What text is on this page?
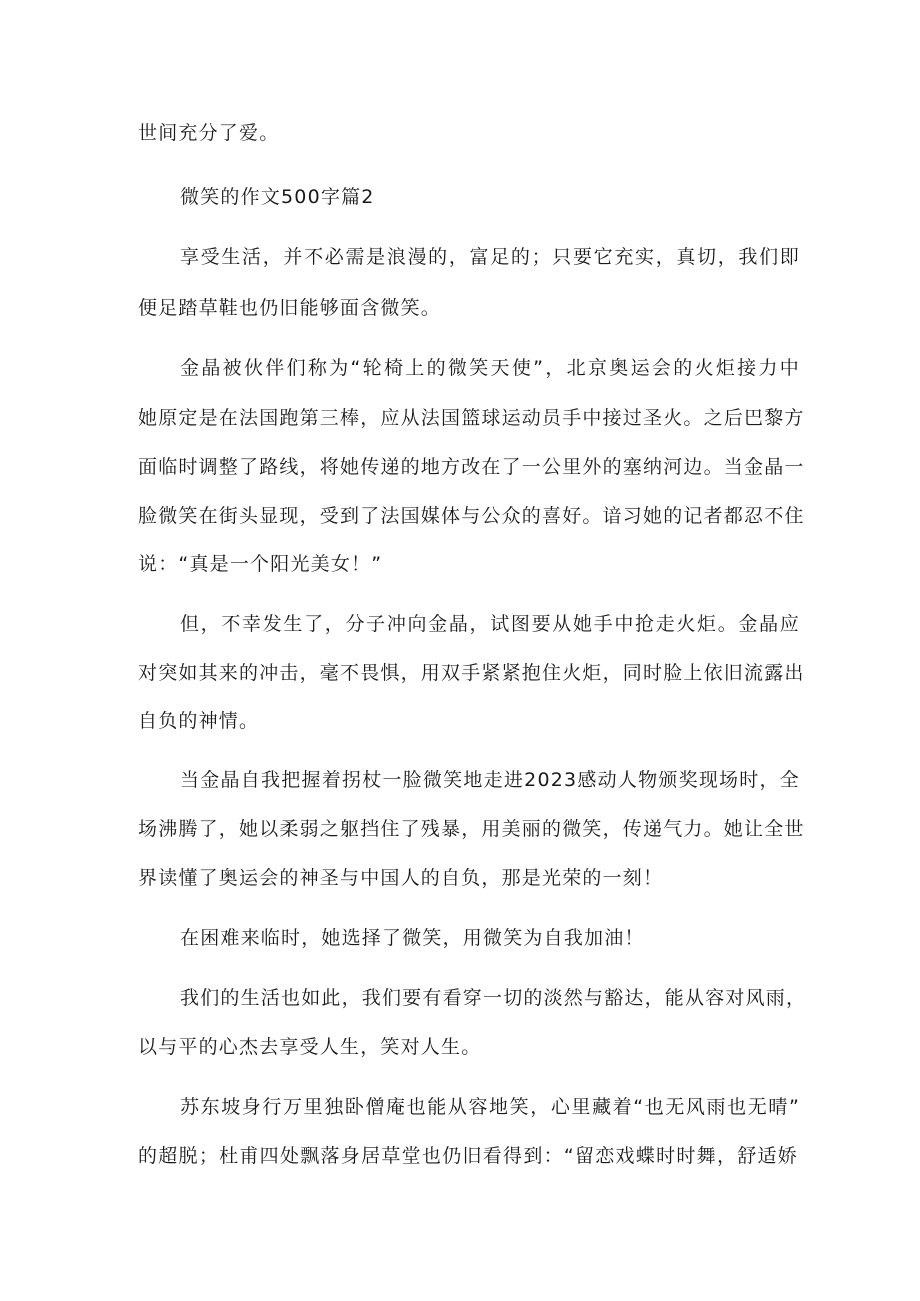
世间充分了爱。
微笑的作文500字篇2
享受生活，并不必需是浪漫的，富足的；只要它充实，真切，我们即
便足踏草鞋也仍旧能够面含微笑。
金晶被伙伴们称为“轮椅上的微笑天使”，北京奥运会的火炬接力中
她原定是在法国跑第三棒，应从法国篮球运动员手中接过圣火。之后巴黎方
面临时调整了路线，将她传递的地方改在了一公里外的塞纳河边。当金晶一
脸微笑在街头显现，受到了法国媒体与公众的喜好。谙习她的记者都忍不住
说：“真是一个阳光美女！”
但，不幸发生了，分子冲向金晶，试图要从她手中抢走火炬。金晶应
对突如其来的冲击，毫不畏惧，用双手紧紧抱住火炬，同时脸上依旧流露出
自负的神情。
当金晶自我把握着拐杖一脸微笑地走进2023感动人物颁奖现场时，全
场沸腾了，她以柔弱之躯挡住了残暴，用美丽的微笑，传递气力。她让全世
界读懂了奥运会的神圣与中国人的自负，那是光荣的一刻！
在困难来临时，她选择了微笑，用微笑为自我加油！
我们的生活也如此，我们要有看穿一切的淡然与豁达，能从容对风雨，
以与平的心杰去享受人生，笑对人生。
苏东坡身行万里独卧僧庵也能从容地笑，心里藏着“也无风雨也无晴”
的超脱；杜甫四处飘落身居草堂也仍旧看得到：“留恋戏蝶时时舞，舒适娇
